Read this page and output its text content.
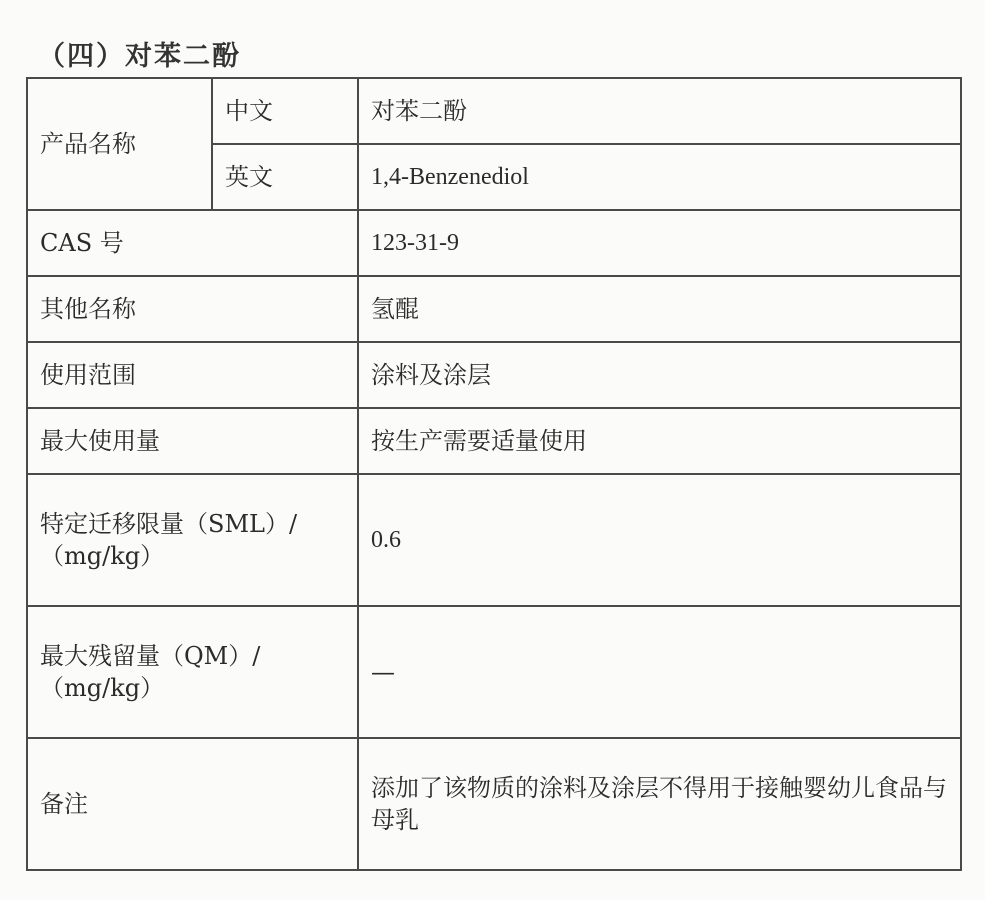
（四）对苯二酚
产品名称	中文	对苯二酚
	英文	1,4-Benzenediol
CAS 号		123-31-9
其他名称		氢醌
使用范围		涂料及涂层
最大使用量		按生产需要适量使用
特定迁移限量（SML）/
（mg/kg）		0.6
最大残留量（QM）/
（mg/kg）		—
备注		添加了该物质的涂料及涂层不得用于接触婴幼儿食品与母乳
